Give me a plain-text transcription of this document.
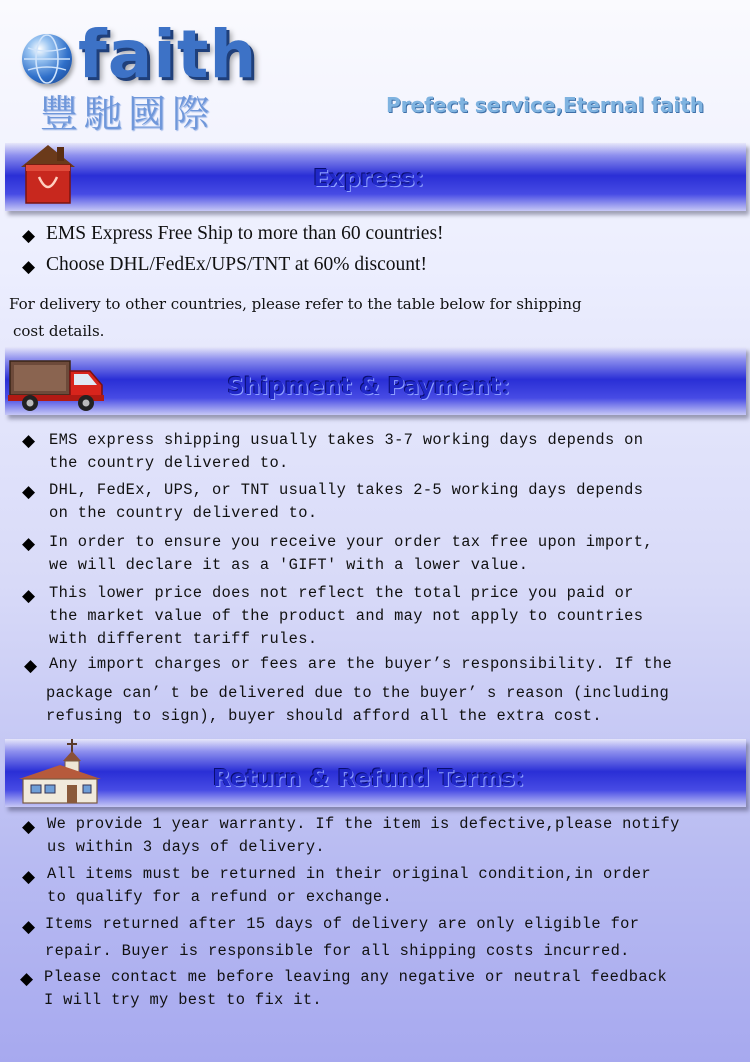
faith
豐馳國際	Prefect service,Eternal faith
Express：
◆ EMS Express Free Ship to more than 60 countries!
◆ Choose DHL/FedEx/UPS/TNT at 60% discount!
For delivery to other countries, please refer to the table below for shipping
cost details.
Shipment & Payment：
◆ EMS express shipping usually takes 3-7 working days depends on
the country delivered to.
◆ DHL, FedEx, UPS, or TNT usually takes 2-5 working days depends
on the country delivered to.
◆ In order to ensure you receive your order tax free upon import,
we will declare it as a 'GIFT' with a lower value.
◆ This lower price does not reflect the total price you paid or
the market value of the product and may not apply to countries
with different tariff rules.
◆ Any import charges or fees are the buyer’s responsibility. If the
package can’ t be delivered due to the buyer’ s reason (including
refusing to sign), buyer should afford all the extra cost.
Return & Refund Terms：
◆ We provide 1 year warranty. If the item is defective,please notify
us within 3 days of delivery.
◆ All items must be returned in their original condition,in order
to qualify for a refund or exchange.
◆ Items returned after 15 days of delivery are only eligible for
repair. Buyer is responsible for all shipping costs incurred.
◆ Please contact me before leaving any negative or neutral feedback
I will try my best to fix it.
